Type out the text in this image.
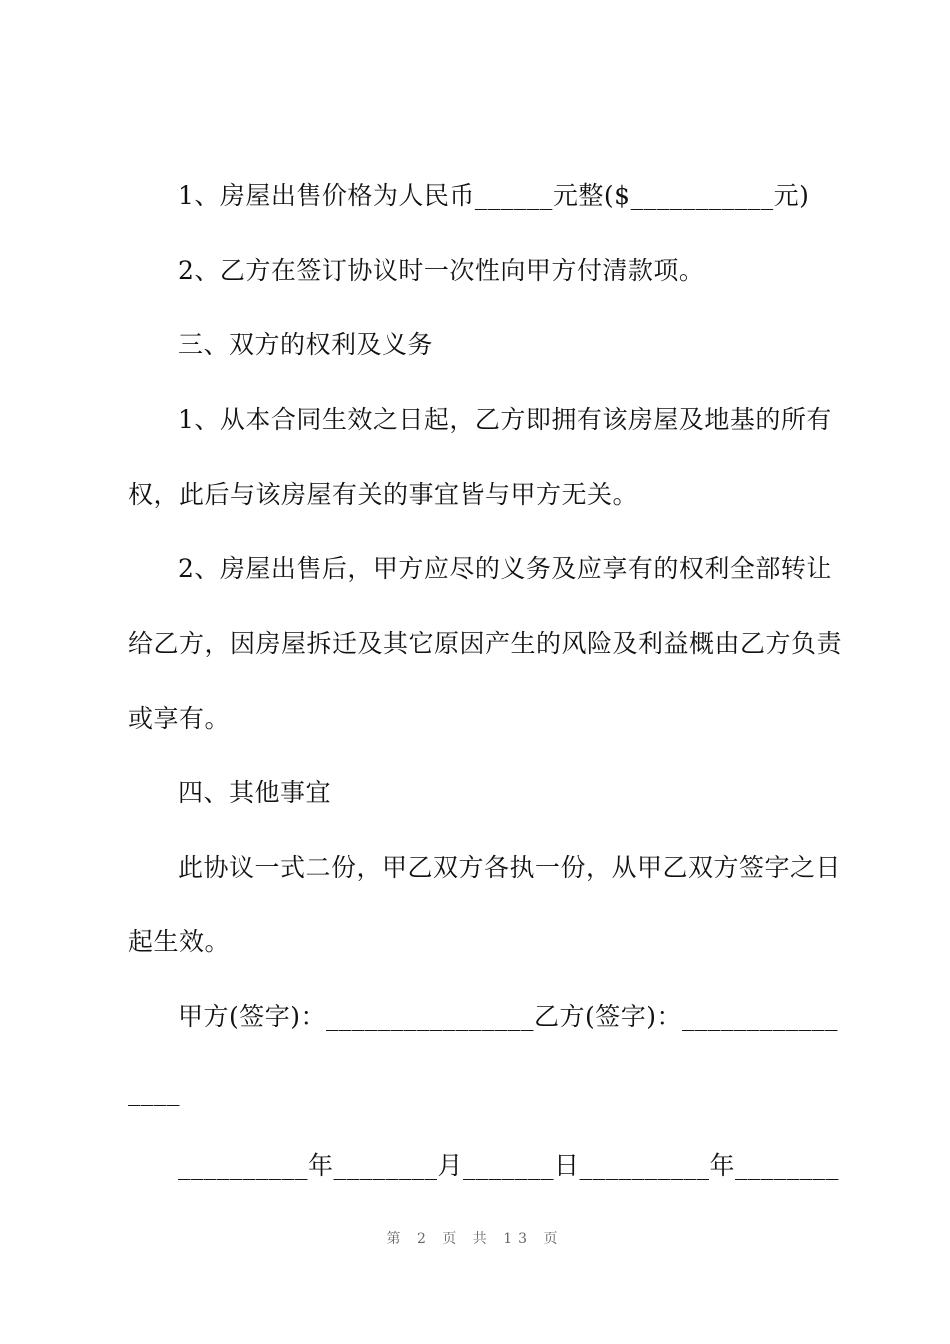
1、房屋出售价格为人民币______元整($___________元)
2、乙方在签订协议时一次性向甲方付清款项。
三、双方的权利及义务
1、从本合同生效之日起，乙方即拥有该房屋及地基的所有
权，此后与该房屋有关的事宜皆与甲方无关。
2、房屋出售后，甲方应尽的义务及应享有的权利全部转让
给乙方，因房屋拆迁及其它原因产生的风险及利益概由乙方负责
或享有。
四、其他事宜
此协议一式二份，甲乙双方各执一份，从甲乙双方签字之日
起生效。
甲方(签字)：________________乙方(签字)：____________
____
__________年________月_______日__________年________
第 2 页 共 13 页
